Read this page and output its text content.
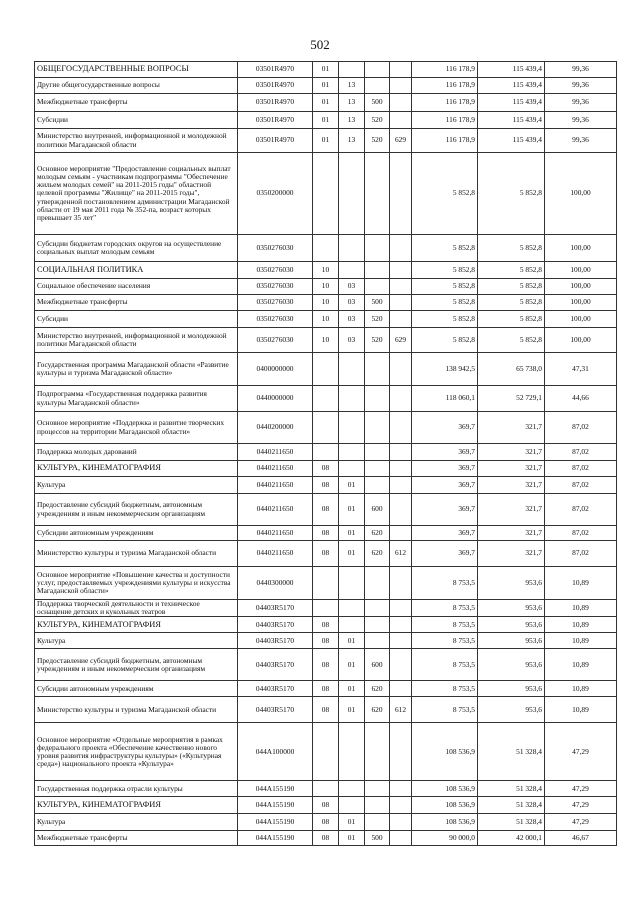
502
ОБЩЕГОСУДАРСТВЕННЫЕ ВОПРОСЫ	03501R4970	01				116 178,9	115 439,4	99,36
Другие общегосударственные вопросы	03501R4970	01	13			116 178,9	115 439,4	99,36
Межбюджетные трансферты	03501R4970	01	13	500		116 178,9	115 439,4	99,36
Субсидии	03501R4970	01	13	520		116 178,9	115 439,4	99,36
Министерство внутренней, информационной и молодежной политики Магаданской области	03501R4970	01	13	520	629	116 178,9	115 439,4	99,36
Основное мероприятие "Предоставление социальных выплат молодым семьям - участникам подпрограммы "Обеспечение жильем молодых семей" на 2011-2015 годы" областной целевой программы "Жилище" на 2011-2015 годы", утвержденной постановлением администрации Магаданской области от 19 мая 2011 года № 352-па, возраст которых превышает 35 лет"	0350200000					5 852,8	5 852,8	100,00
Субсидии бюджетам городских округов на осуществление социальных выплат молодым семьям	0350276030					5 852,8	5 852,8	100,00
СОЦИАЛЬНАЯ ПОЛИТИКА	0350276030	10				5 852,8	5 852,8	100,00
Социальное обеспечение населения	0350276030	10	03			5 852,8	5 852,8	100,00
Межбюджетные трансферты	0350276030	10	03	500		5 852,8	5 852,8	100,00
Субсидии	0350276030	10	03	520		5 852,8	5 852,8	100,00
Министерство внутренней, информационной и молодежной политики Магаданской области	0350276030	10	03	520	629	5 852,8	5 852,8	100,00
Государственная программа Магаданской области «Развитие культуры и туризма Магаданской области»	0400000000					138 942,5	65 738,0	47,31
Подпрограмма «Государственная поддержка развития культуры Магаданской области»	0440000000					118 060,1	52 729,1	44,66
Основное мероприятие «Поддержка и развитие творческих процессов на территории Магаданской области»	0440200000					369,7	321,7	87,02
Поддержка молодых дарований	0440211650					369,7	321,7	87,02
КУЛЬТУРА, КИНЕМАТОГРАФИЯ	0440211650	08				369,7	321,7	87,02
Культура	0440211650	08	01			369,7	321,7	87,02
Предоставление субсидий бюджетным, автономным учреждениям и иным некоммерческим организациям	0440211650	08	01	600		369,7	321,7	87,02
Субсидии автономным учреждениям	0440211650	08	01	620		369,7	321,7	87,02
Министерство культуры и туризма Магаданской области	0440211650	08	01	620	612	369,7	321,7	87,02
Основное мероприятие «Повышение качества и доступности услуг, предоставляемых учреждениями культуры и искусства Магаданской области»	0440300000					8 753,5	953,6	10,89
Поддержка творческой деятельности и техническое оснащение детских и кукольных театров	04403R5170					8 753,5	953,6	10,89
КУЛЬТУРА, КИНЕМАТОГРАФИЯ	04403R5170	08				8 753,5	953,6	10,89
Культура	04403R5170	08	01			8 753,5	953,6	10,89
Предоставление субсидий бюджетным, автономным учреждениям и иным некоммерческим организациям	04403R5170	08	01	600		8 753,5	953,6	10,89
Субсидии автономным учреждениям	04403R5170	08	01	620		8 753,5	953,6	10,89
Министерство культуры и туризма Магаданской области	04403R5170	08	01	620	612	8 753,5	953,6	10,89
Основное мероприятие «Отдельные мероприятия в рамках федерального проекта «Обеспечение качественно нового уровня развития инфраструктуры культуры» («Культурная среда») национального проекта «Культура»	044A100000					108 536,9	51 328,4	47,29
Государственная поддержка отрасли культуры	044A155190					108 536,9	51 328,4	47,29
КУЛЬТУРА, КИНЕМАТОГРАФИЯ	044A155190	08				108 536,9	51 328,4	47,29
Культура	044A155190	08	01			108 536,9	51 328,4	47,29
Межбюджетные трансферты	044A155190	08	01	500		90 000,0	42 000,1	46,67
